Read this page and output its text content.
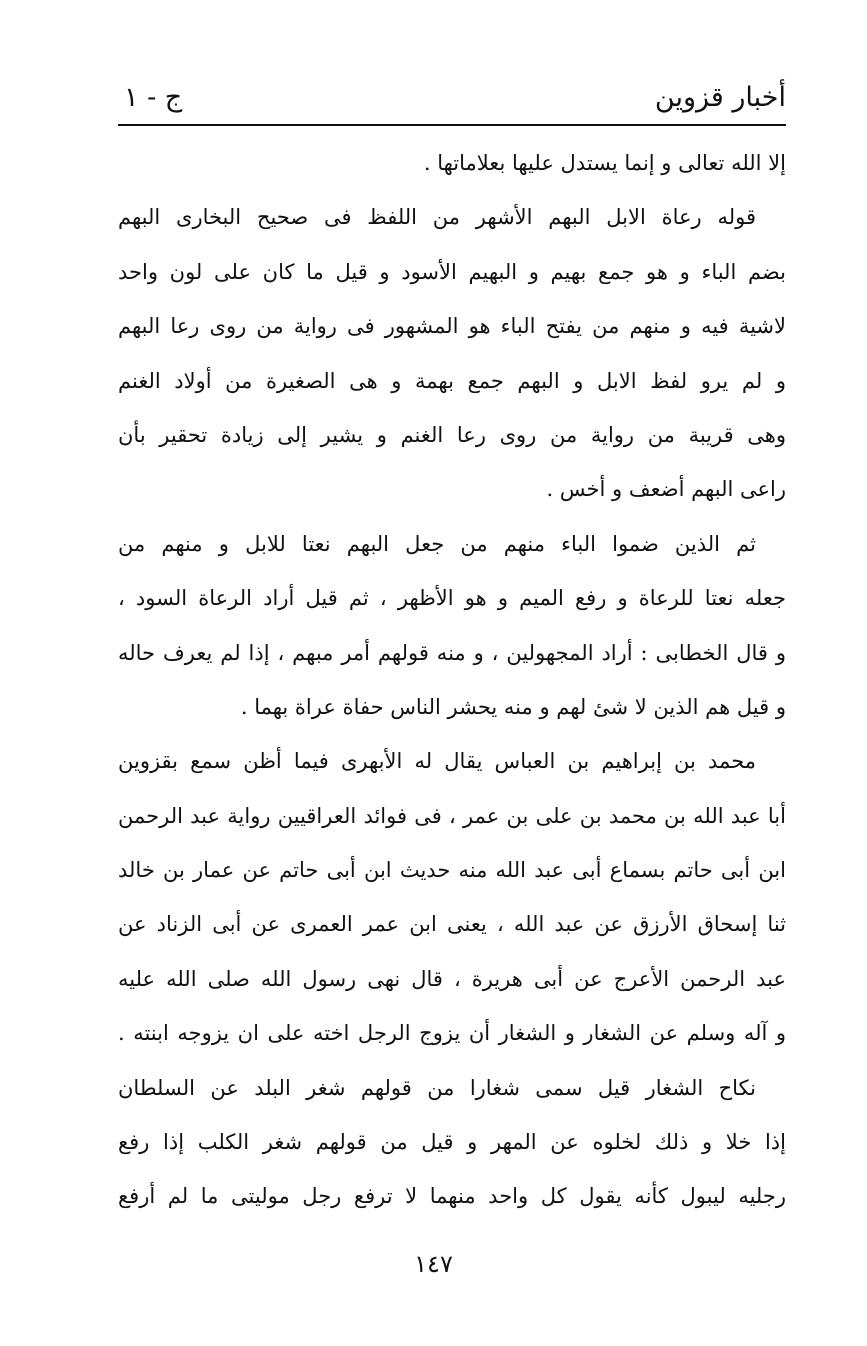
أخبار قزوين
ج - ١
إلا الله تعالى و إنما يستدل عليها بعلاماتها .
قوله رعاة الابل البهم الأشهر من اللفظ فى صحيح البخارى البهم
بضم الباء و هو جمع بهيم و البهيم الأسود و قيل ما كان على لون واحد
لاشية فيه و منهم من يفتح الباء هو المشهور فى رواية من روى رعا البهم
و لم يرو لفظ الابل و البهم جمع بهمة و هى الصغيرة من أولاد الغنم
وهى قريبة من رواية من روى رعا الغنم و يشير إلى زيادة تحقير بأن
راعى البهم أضعف و أخس .
ثم الذين ضموا الباء منهم من جعل البهم نعتا للابل و منهم من
جعله نعتا للرعاة و رفع الميم و هو الأظهر ، ثم قيل أراد الرعاة السود ،
و قال الخطابى : أراد المجهولين ، و منه قولهم أمر مبهم ، إذا لم يعرف حاله
و قيل هم الذين لا شئ لهم و منه يحشر الناس حفاة عراة بهما .
محمد بن إبراهيم بن العباس يقال له الأبهرى فيما أظن سمع بقزوين
أبا عبد الله بن محمد بن على بن عمر ، فى فوائد العراقيين رواية عبد الرحمن
ابن أبى حاتم بسماع أبى عبد الله منه حديث ابن أبى حاتم عن عمار بن خالد
ثنا إسحاق الأرزق عن عبد الله ، يعنى ابن عمر العمرى عن أبى الزناد عن
عبد الرحمن الأعرج عن أبى هريرة ، قال نهى رسول الله صلى الله عليه
و آله وسلم عن الشغار و الشغار أن يزوج الرجل اخته على ان يزوجه ابنته .
نكاح الشغار قيل سمى شغارا من قولهم شغر البلد عن السلطان
إذا خلا و ذلك لخلوه عن المهر و قيل من قولهم شغر الكلب إذا رفع
رجليه ليبول كأنه يقول كل واحد منهما لا ترفع رجل موليتى ما لم أرفع
١٤٧
